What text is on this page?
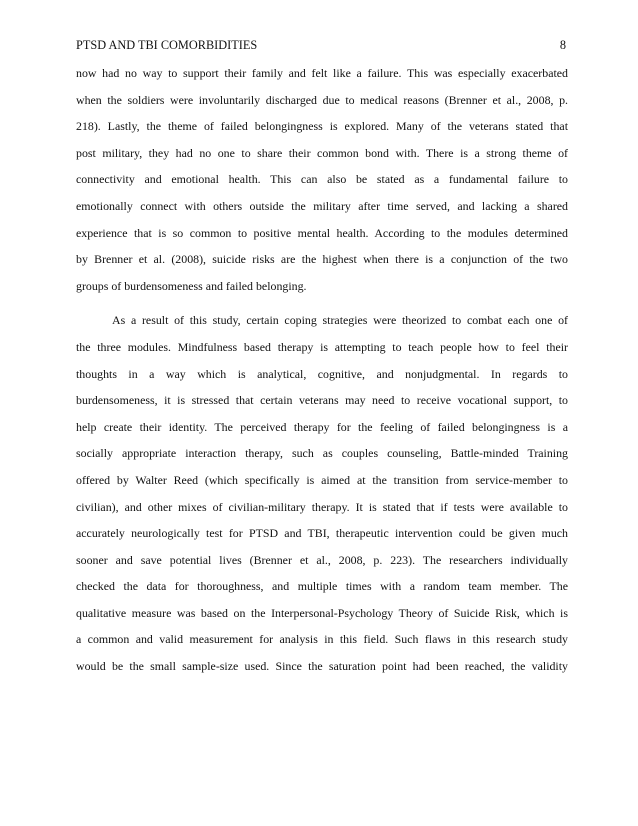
PTSD AND TBI COMORBIDITIES	8
now had no way to support their family and felt like a failure. This was especially exacerbated
when the soldiers were involuntarily discharged due to medical reasons (Brenner et al., 2008, p.
218). Lastly, the theme of failed belongingness is explored. Many of the veterans stated that
post military, they had no one to share their common bond with. There is a strong theme of
connectivity and emotional health. This can also be stated as a fundamental failure to
emotionally connect with others outside the military after time served, and lacking a shared
experience that is so common to positive mental health. According to the modules determined
by Brenner et al. (2008), suicide risks are the highest when there is a conjunction of the two
groups of burdensomeness and failed belonging.
As a result of this study, certain coping strategies were theorized to combat each one of
the three modules. Mindfulness based therapy is attempting to teach people how to feel their
thoughts in a way which is analytical, cognitive, and nonjudgmental. In regards to
burdensomeness, it is stressed that certain veterans may need to receive vocational support, to
help create their identity. The perceived therapy for the feeling of failed belongingness is a
socially appropriate interaction therapy, such as couples counseling, Battle-minded Training
offered by Walter Reed (which specifically is aimed at the transition from service-member to
civilian), and other mixes of civilian-military therapy. It is stated that if tests were available to
accurately neurologically test for PTSD and TBI, therapeutic intervention could be given much
sooner and save potential lives (Brenner et al., 2008, p. 223). The researchers individually
checked the data for thoroughness, and multiple times with a random team member. The
qualitative measure was based on the Interpersonal-Psychology Theory of Suicide Risk, which is
a common and valid measurement for analysis in this field. Such flaws in this research study
would be the small sample-size used. Since the saturation point had been reached, the validity
